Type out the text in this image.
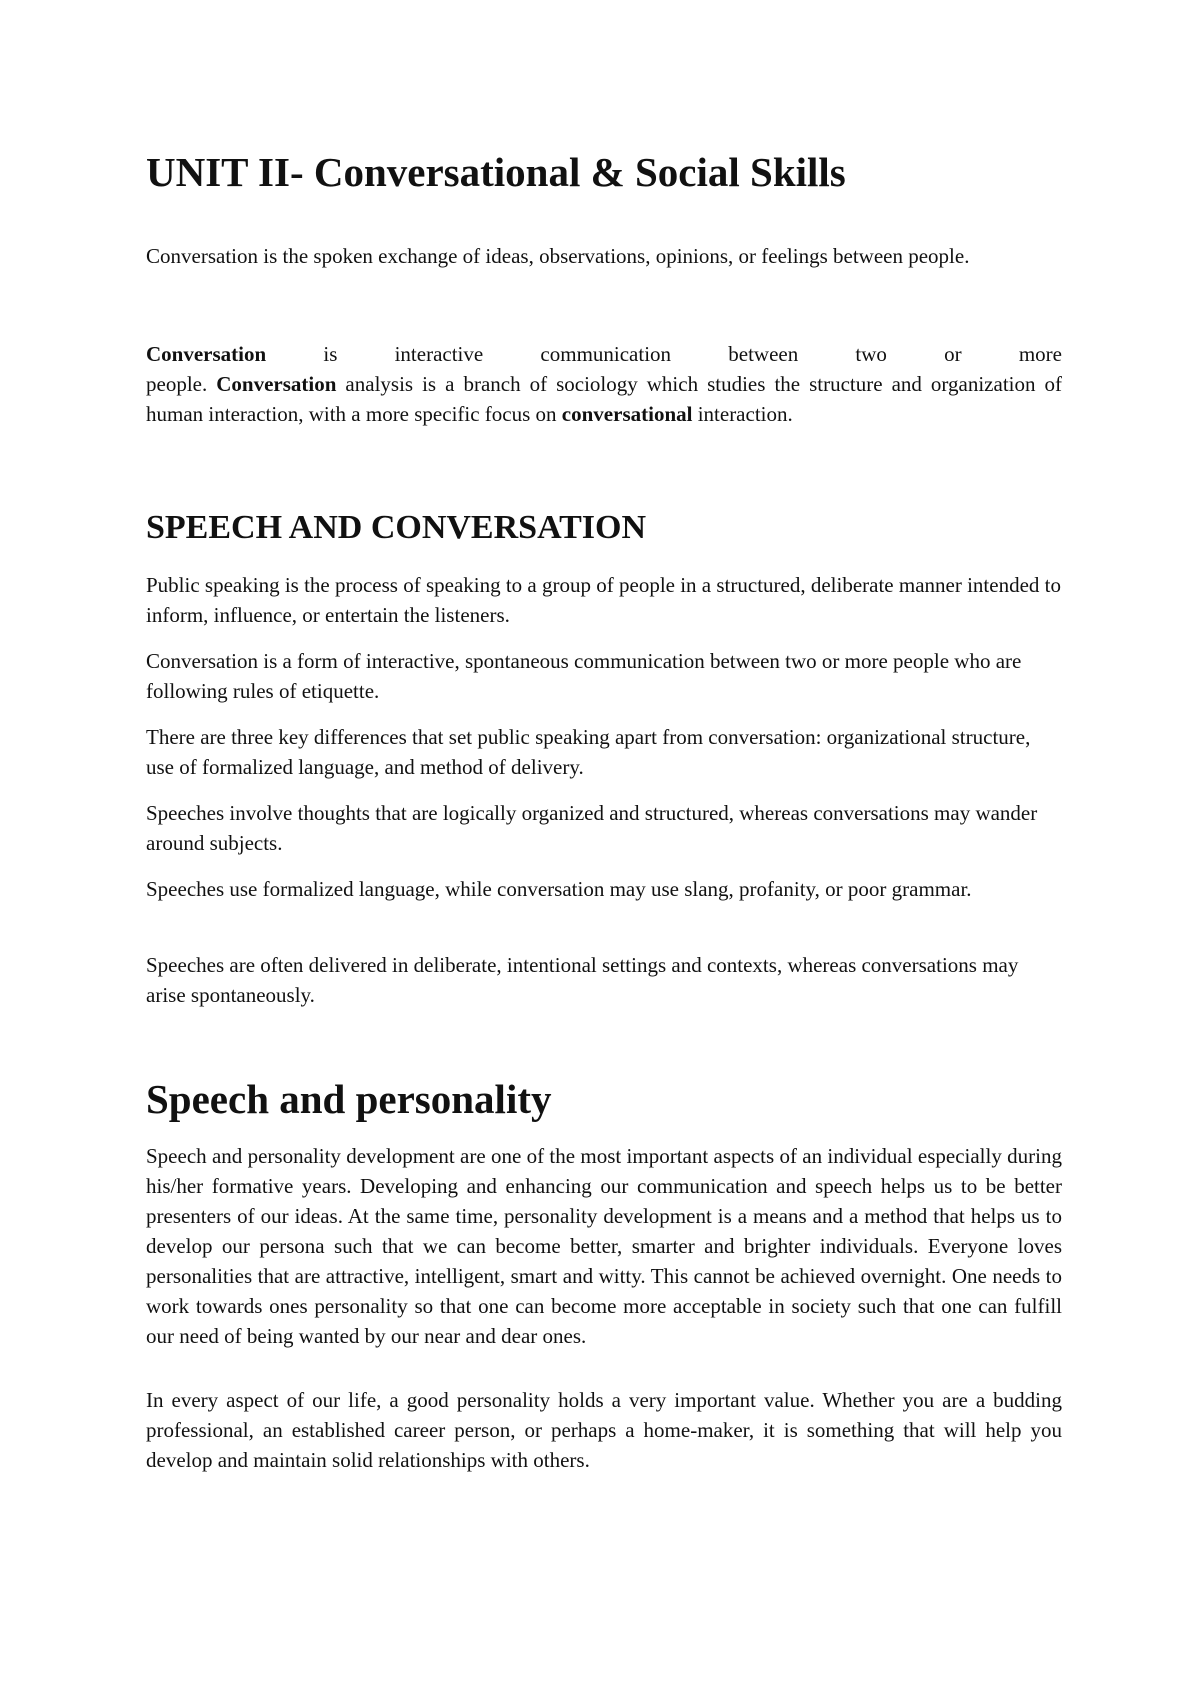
UNIT II- Conversational & Social Skills

Conversation is the spoken exchange of ideas, observations, opinions, or feelings between people.

Conversation is interactive communication between two or more
people. Conversation analysis is a branch of sociology which studies the structure and organization of human interaction, with a more specific focus on conversational interaction.

SPEECH AND CONVERSATION

Public speaking is the process of speaking to a group of people in a structured, deliberate manner intended to inform, influence, or entertain the listeners.

Conversation is a form of interactive, spontaneous communication between two or more people who are following rules of etiquette.

There are three key differences that set public speaking apart from conversation: organizational structure, use of formalized language, and method of delivery.

Speeches involve thoughts that are logically organized and structured, whereas conversations may wander around subjects.

Speeches use formalized language, while conversation may use slang, profanity, or poor grammar.

Speeches are often delivered in deliberate, intentional settings and contexts, whereas conversations may arise spontaneously.

Speech and personality

Speech and personality development are one of the most important aspects of an individual especially during his/her formative years. Developing and enhancing our communication and speech helps us to be better presenters of our ideas. At the same time, personality development is a means and a method that helps us to develop our persona such that we can become better, smarter and brighter individuals. Everyone loves personalities that are attractive, intelligent, smart and witty. This cannot be achieved overnight. One needs to work towards ones personality so that one can become more acceptable in society such that one can fulfill our need of being wanted by our near and dear ones.

In every aspect of our life, a good personality holds a very important value. Whether you are a budding professional, an established career person, or perhaps a home-maker, it is something that will help you develop and maintain solid relationships with others.
